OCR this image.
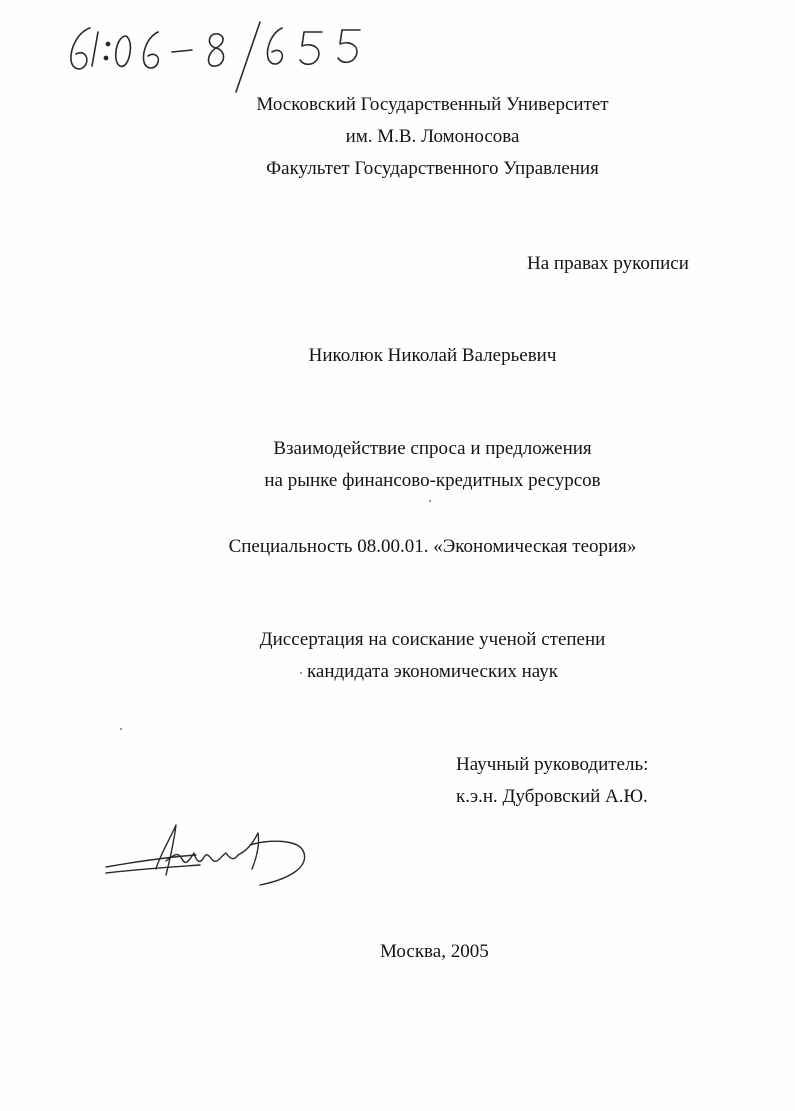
Московский Государственный Университет
им. М.В. Ломоносова
Факультет Государственного Управления
На правах рукописи
Николюк Николай Валерьевич
Взаимодействие спроса и предложения
на рынке финансово-кредитных ресурсов
Специальность 08.00.01. «Экономическая теория»
Диссертация на соискание ученой степени
кандидата экономических наук
Научный руководитель:
к.э.н. Дубровский А.Ю.
Москва, 2005
